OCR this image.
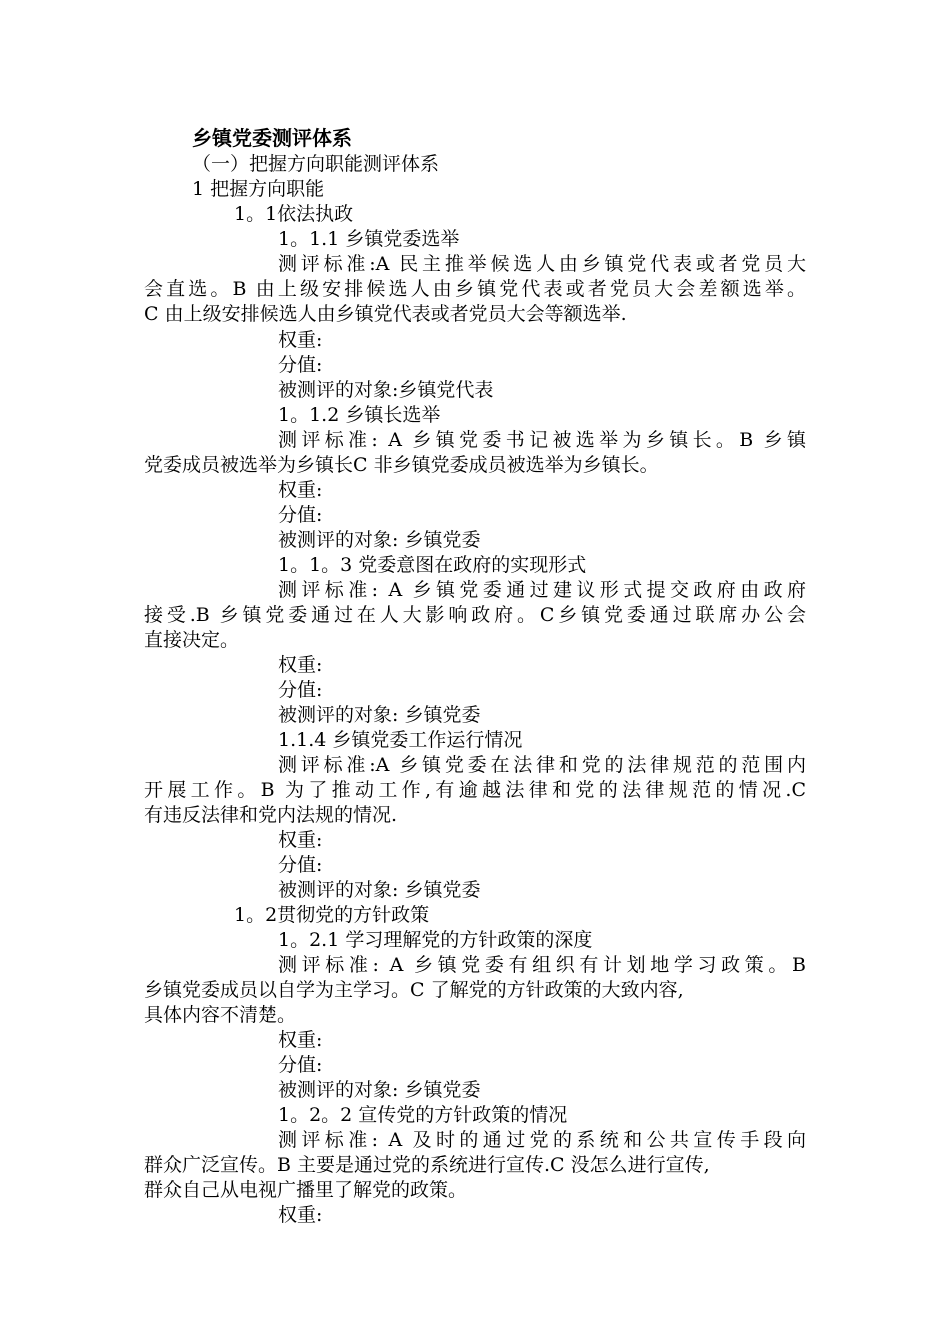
乡镇党委测评体系
（一）把握方向职能测评体系
1 把握方向职能
1。1依法执政
1。1.1 乡镇党委选举
测评标准:A 民主推举候选人由乡镇党代表或者党员大
会直选。B 由上级安排候选人由乡镇党代表或者党员大会差额选举。
C 由上级安排候选人由乡镇党代表或者党员大会等额选举.
权重:
分值:
被测评的对象:乡镇党代表
1。1.2 乡镇长选举
测评标准: A 乡镇党委书记被选举为乡镇长。B 乡镇
党委成员被选举为乡镇长C 非乡镇党委成员被选举为乡镇长。
权重:
分值:
被测评的对象: 乡镇党委
1。1。3 党委意图在政府的实现形式
测评标准: A 乡镇党委通过建议形式提交政府由政府
接受.B 乡镇党委通过在人大影响政府。C乡镇党委通过联席办公会
直接决定。
权重:
分值:
被测评的对象: 乡镇党委
1.1.4 乡镇党委工作运行情况
测评标准:A 乡镇党委在法律和党的法律规范的范围内
开展工作。B 为了推动工作,有逾越法律和党的法律规范的情况.C
有违反法律和党内法规的情况.
权重:
分值:
被测评的对象: 乡镇党委
1。2贯彻党的方针政策
1。2.1 学习理解党的方针政策的深度
测评标准: A 乡镇党委有组织有计划地学习政策。B
乡镇党委成员以自学为主学习。C 了解党的方针政策的大致内容,
具体内容不清楚。
权重:
分值:
被测评的对象: 乡镇党委
1。2。2 宣传党的方针政策的情况
测评标准: A 及时的通过党的系统和公共宣传手段向
群众广泛宣传。B 主要是通过党的系统进行宣传.C 没怎么进行宣传,
群众自己从电视广播里了解党的政策。
权重:
